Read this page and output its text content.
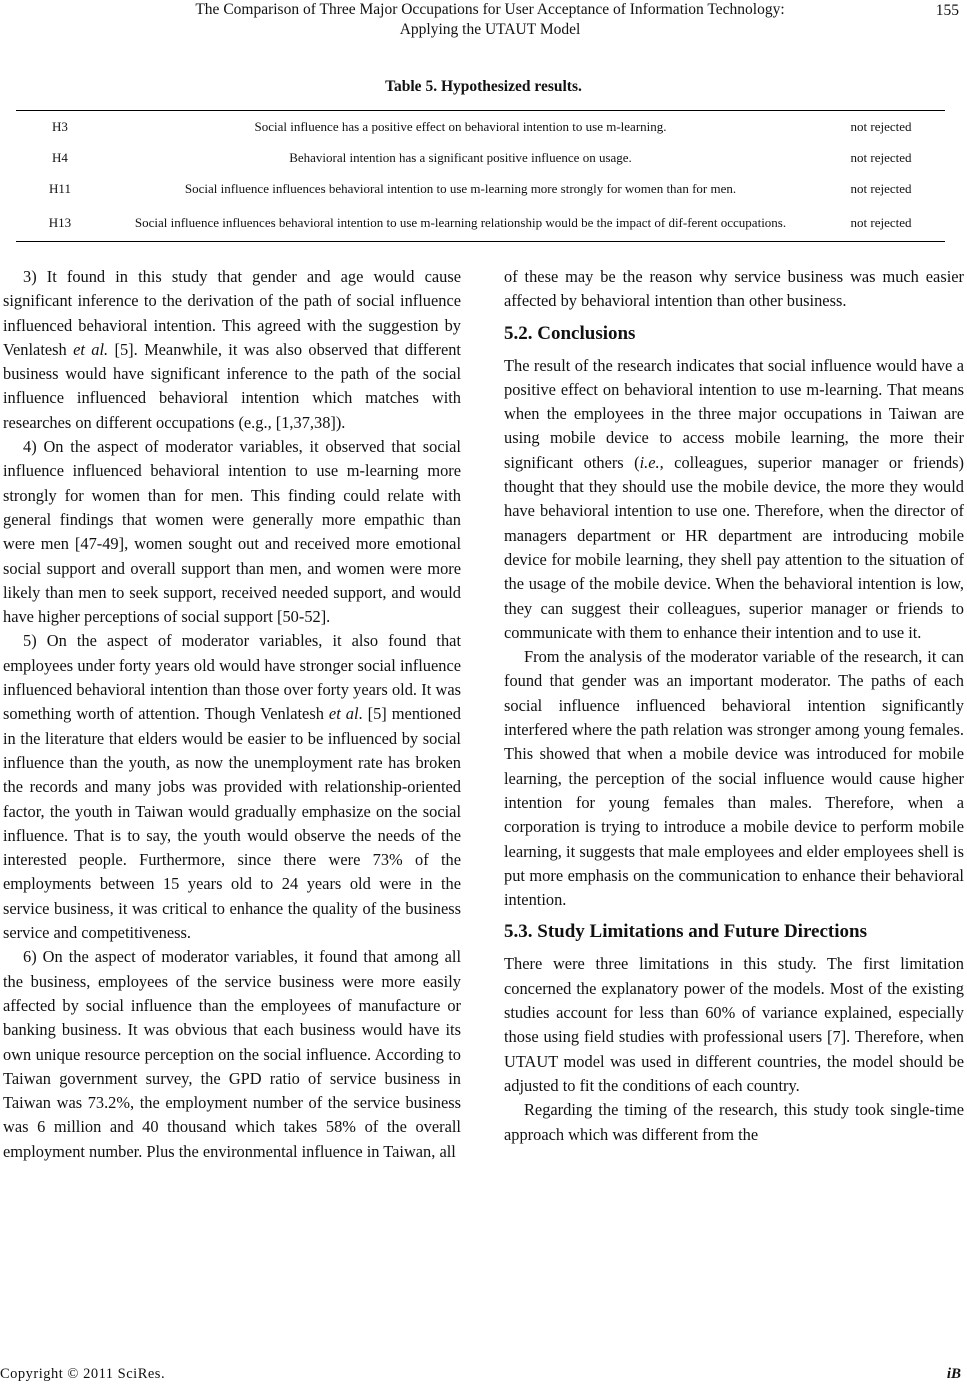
The Comparison of Three Major Occupations for User Acceptance of Information Technology:
Applying the UTAUT Model
155
Table 5. Hypothesized results.
H3	Social influence has a positive effect on behavioral intention to use m-learning.	not rejected
H4	Behavioral intention has a significant positive influence on usage.	not rejected
H11	Social influence influences behavioral intention to use m-learning more strongly for women than for men.	not rejected
H13	Social influence influences behavioral intention to use m-learning relationship would be the impact of dif-ferent occupations.	not rejected

3) It found in this study that gender and age would cause significant inference to the derivation of the path of social influence influenced behavioral intention. This agreed with the suggestion by Venlatesh et al. [5]. Meanwhile, it was also observed that different business would have significant inference to the path of the social influence influenced behavioral intention which matches with researches on different occupations (e.g., [1,37,38]).

4) On the aspect of moderator variables, it observed that social influence influenced behavioral intention to use m-learning more strongly for women than for men. This finding could relate with general findings that women were generally more empathic than were men [47-49], women sought out and received more emotional social support and overall support than men, and women were more likely than men to seek support, received needed support, and would have higher perceptions of social support [50-52].

5) On the aspect of moderator variables, it also found that employees under forty years old would have stronger social influence influenced behavioral intention than those over forty years old. It was something worth of attention. Though Venlatesh et al. [5] mentioned in the literature that elders would be easier to be influenced by social influence than the youth, as now the unemployment rate has broken the records and many jobs was provided with relationship-oriented factor, the youth in Taiwan would gradually emphasize on the social influence. That is to say, the youth would observe the needs of the interested people. Furthermore, since there were 73% of the employments between 15 years old to 24 years old were in the service business, it was critical to enhance the quality of the business service and competitiveness.

6) On the aspect of moderator variables, it found that among all the business, employees of the service business were more easily affected by social influence than the employees of manufacture or banking business. It was obvious that each business would have its own unique resource perception on the social influence. According to Taiwan government survey, the GPD ratio of service business in Taiwan was 73.2%, the employment number of the service business was 6 million and 40 thousand which takes 58% of the overall employment number. Plus the environmental influence in Taiwan, all

of these may be the reason why service business was much easier affected by behavioral intention than other business.

5.2. Conclusions

The result of the research indicates that social influence would have a positive effect on behavioral intention to use m-learning. That means when the employees in the three major occupations in Taiwan are using mobile device to access mobile learning, the more their significant others (i.e., colleagues, superior manager or friends) thought that they should use the mobile device, the more they would have behavioral intention to use one. Therefore, when the director of managers department or HR department are introducing mobile device for mobile learning, they shell pay attention to the situation of the usage of the mobile device. When the behavioral intention is low, they can suggest their colleagues, superior manager or friends to communicate with them to enhance their intention and to use it.

From the analysis of the moderator variable of the research, it can found that gender was an important moderator. The paths of each social influence influenced behavioral intention significantly interfered where the path relation was stronger among young females. This showed that when a mobile device was introduced for mobile learning, the perception of the social influence would cause higher intention for young females than males. Therefore, when a corporation is trying to introduce a mobile device to perform mobile learning, it suggests that male employees and elder employees shell is put more emphasis on the communication to enhance their behavioral intention.

5.3. Study Limitations and Future Directions

There were three limitations in this study. The first limitation concerned the explanatory power of the models. Most of the existing studies account for less than 60% of variance explained, especially those using field studies with professional users [7]. Therefore, when UTAUT model was used in different countries, the model should be adjusted to fit the conditions of each country.

Regarding the timing of the research, this study took single-time approach which was different from the

Copyright © 2011 SciRes.	iB
